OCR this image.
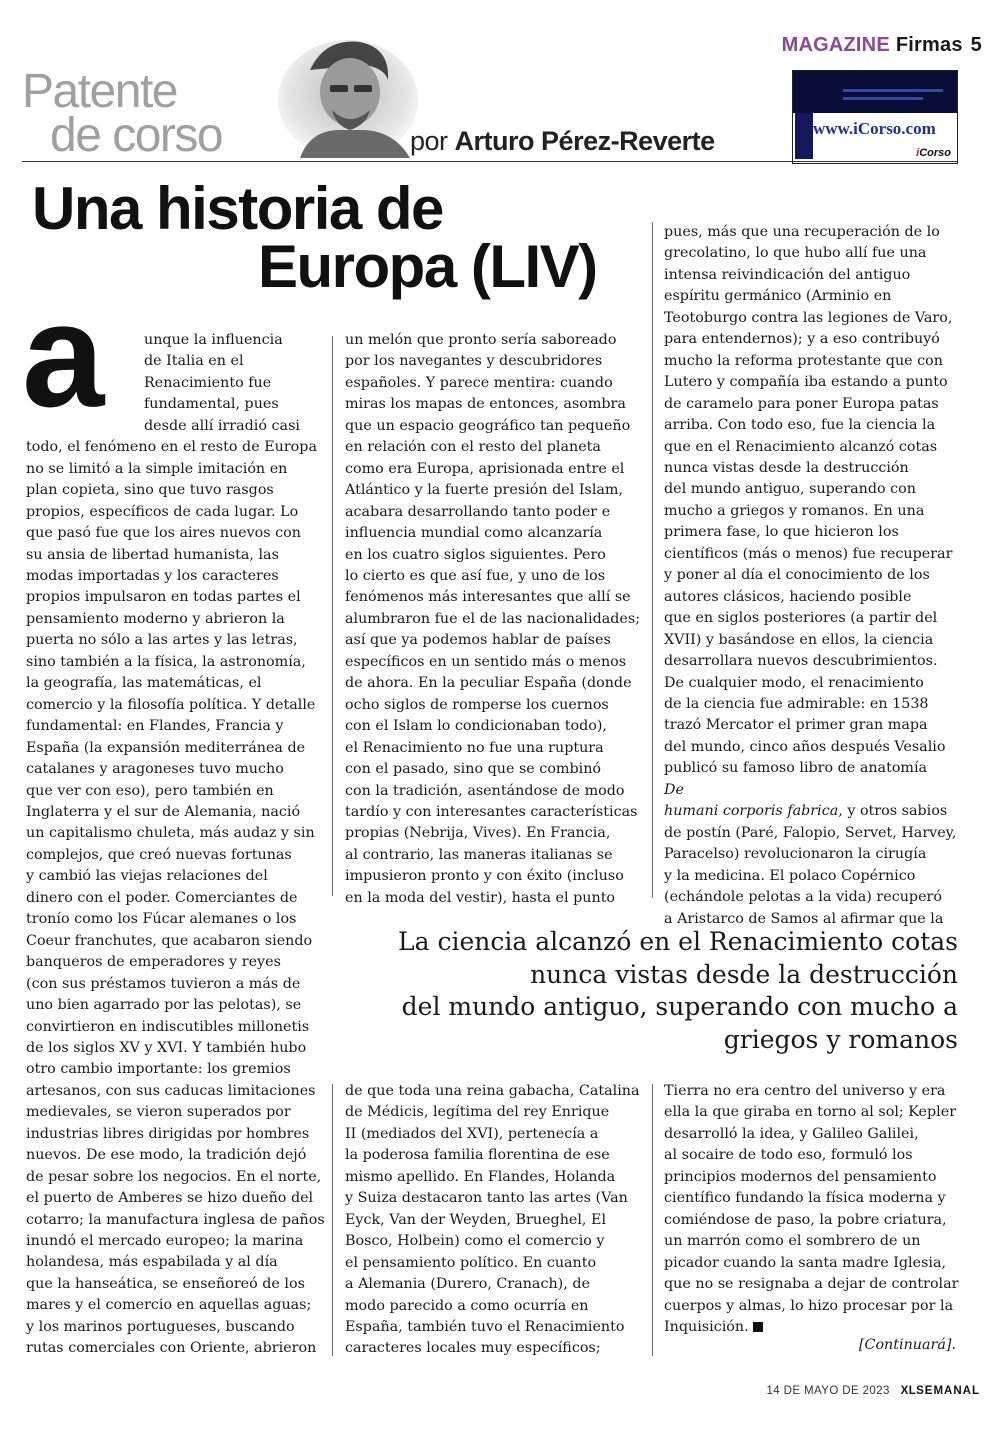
MAGAZINE Firmas 5
Patente
de corso	por Arturo Pérez-Reverte	www.iCorso.com
iCorso
Una historia de
Europa (LIV)
a	unque la influencia
de Italia en el
Renacimiento fue
fundamental, pues
desde allí irradió casi
todo, el fenómeno en el resto de Europa
no se limitó a la simple imitación en
plan copieta, sino que tuvo rasgos
propios, específicos de cada lugar. Lo
que pasó fue que los aires nuevos con
su ansia de libertad humanista, las
modas importadas y los caracteres
propios impulsaron en todas partes el
pensamiento moderno y abrieron la
puerta no sólo a las artes y las letras,
sino también a la física, la astronomía,
la geografía, las matemáticas, el
comercio y la filosofía política. Y detalle
fundamental: en Flandes, Francia y
España (la expansión mediterránea de
catalanes y aragoneses tuvo mucho
que ver con eso), pero también en
Inglaterra y el sur de Alemania, nació
un capitalismo chuleta, más audaz y sin
complejos, que creó nuevas fortunas
y cambió las viejas relaciones del
dinero con el poder. Comerciantes de
tronío como los Fúcar alemanes o los
Coeur franchutes, que acabaron siendo
banqueros de emperadores y reyes
(con sus préstamos tuvieron a más de
uno bien agarrado por las pelotas), se
convirtieron en indiscutibles millonetis
de los siglos XV y XVI. Y también hubo
otro cambio importante: los gremios
artesanos, con sus caducas limitaciones
medievales, se vieron superados por
industrias libres dirigidas por hombres
nuevos. De ese modo, la tradición dejó
de pesar sobre los negocios. En el norte,
el puerto de Amberes se hizo dueño del
cotarro; la manufactura inglesa de paños
inundó el mercado europeo; la marina
holandesa, más espabilada y al día
que la hanseática, se enseñoreó de los
mares y el comercio en aquellas aguas;
y los marinos portugueses, buscando
rutas comerciales con Oriente, abrieron
un melón que pronto sería saboreado
por los navegantes y descubridores
españoles. Y parece mentira: cuando
miras los mapas de entonces, asombra
que un espacio geográfico tan pequeño
en relación con el resto del planeta
como era Europa, aprisionada entre el
Atlántico y la fuerte presión del Islam,
acabara desarrollando tanto poder e
influencia mundial como alcanzaría
en los cuatro siglos siguientes. Pero
lo cierto es que así fue, y uno de los
fenómenos más interesantes que allí se
alumbraron fue el de las nacionalidades;
así que ya podemos hablar de países
específicos en un sentido más o menos
de ahora. En la peculiar España (donde
ocho siglos de romperse los cuernos
con el Islam lo condicionaban todo),
el Renacimiento no fue una ruptura
con el pasado, sino que se combinó
con la tradición, asentándose de modo
tardío y con interesantes características
propias (Nebrija, Vives). En Francia,
al contrario, las maneras italianas se
impusieron pronto y con éxito (incluso
en la moda del vestir), hasta el punto
pues, más que una recuperación de lo
grecolatino, lo que hubo allí fue una
intensa reivindicación del antiguo
espíritu germánico (Arminio en
Teotoburgo contra las legiones de Varo,
para entendernos); y a eso contribuyó
mucho la reforma protestante que con
Lutero y compañía iba estando a punto
de caramelo para poner Europa patas
arriba. Con todo eso, fue la ciencia la
que en el Renacimiento alcanzó cotas
nunca vistas desde la destrucción
del mundo antiguo, superando con
mucho a griegos y romanos. En una
primera fase, lo que hicieron los
científicos (más o menos) fue recuperar
y poner al día el conocimiento de los
autores clásicos, haciendo posible
que en siglos posteriores (a partir del
XVII) y basándose en ellos, la ciencia
desarrollara nuevos descubrimientos.
De cualquier modo, el renacimiento
de la ciencia fue admirable: en 1538
trazó Mercator el primer gran mapa
del mundo, cinco años después Vesalio
publicó su famoso libro de anatomía
De
humani corporis fabrica, y otros sabios
de postín (Paré, Falopio, Servet, Harvey,
Paracelso) revolucionaron la cirugía
y la medicina. El polaco Copérnico
(echándole pelotas a la vida) recuperó
a Aristarco de Samos al afirmar que la
La ciencia alcanzó en el Renacimiento cotas
nunca vistas desde la destrucción
del mundo antiguo, superando con mucho a
griegos y romanos
de que toda una reina gabacha, Catalina
de Médicis, legítima del rey Enrique
II (mediados del XVI), pertenecía a
la poderosa familia florentina de ese
mismo apellido. En Flandes, Holanda
y Suiza destacaron tanto las artes (Van
Eyck, Van der Weyden, Brueghel, El
Bosco, Holbein) como el comercio y
el pensamiento político. En cuanto
a Alemania (Durero, Cranach), de
modo parecido a como ocurría en
España, también tuvo el Renacimiento
caracteres locales muy específicos;
Tierra no era centro del universo y era
ella la que giraba en torno al sol; Kepler
desarrolló la idea, y Galileo Galilei,
al socaire de todo eso, formuló los
principios modernos del pensamiento
científico fundando la física moderna y
comiéndose de paso, la pobre criatura,
un marrón como el sombrero de un
picador cuando la santa madre Iglesia,
que no se resignaba a dejar de controlar
cuerpos y almas, lo hizo procesar por la
Inquisición.
[Continuará].
14 DE MAYO DE 2023 XLSEMANAL
